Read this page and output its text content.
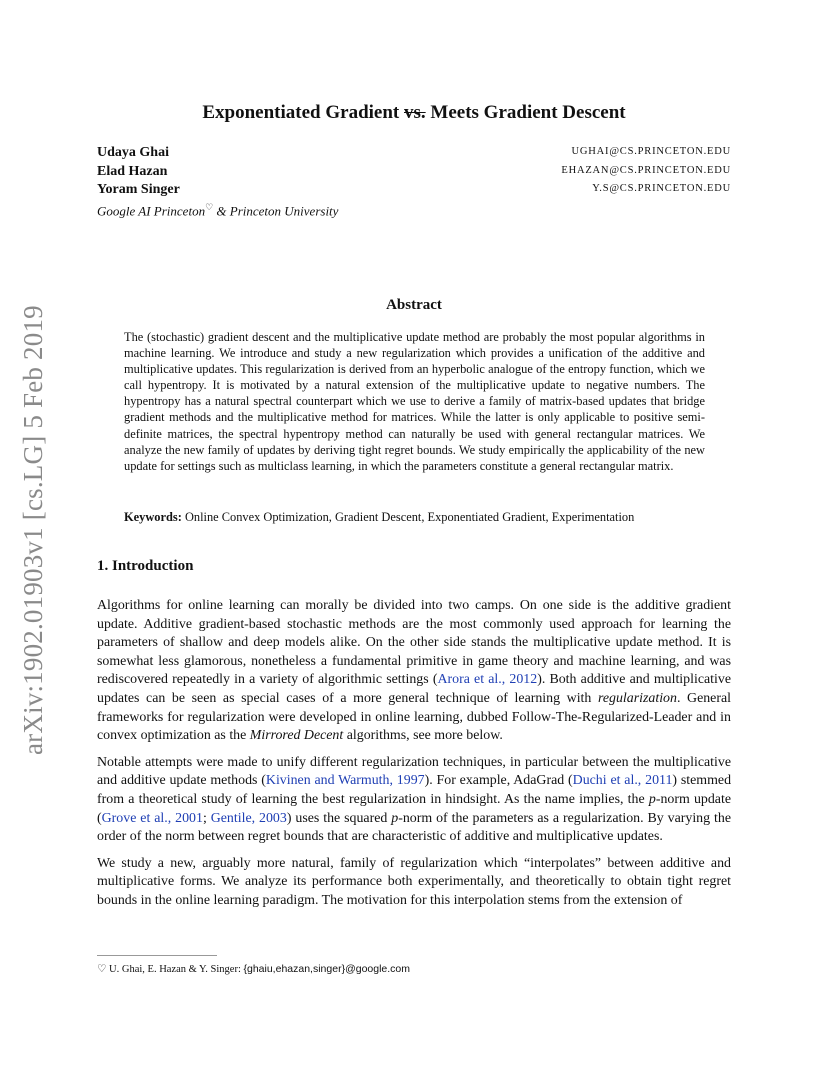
arXiv:1902.01903v1 [cs.LG] 5 Feb 2019
Exponentiated Gradient vs. Meets Gradient Descent
Udaya Ghai	UGHAI@CS.PRINCETON.EDU
Elad Hazan	EHAZAN@CS.PRINCETON.EDU
Yoram Singer	Y.S@CS.PRINCETON.EDU
Google AI Princeton♡ & Princeton University
Abstract
The (stochastic) gradient descent and the multiplicative update method are probably the most popular algorithms in machine learning. We introduce and study a new regularization which provides a unification of the additive and multiplicative updates. This regularization is derived from an hyperbolic analogue of the entropy function, which we call hypentropy. It is motivated by a natural extension of the multiplicative update to negative numbers. The hypentropy has a natural spectral counterpart which we use to derive a family of matrix-based updates that bridge gradient methods and the multiplicative method for matrices. While the latter is only applicable to positive semi-definite matrices, the spectral hypentropy method can naturally be used with general rectangular matrices. We analyze the new family of updates by deriving tight regret bounds. We study empirically the applicability of the new update for settings such as multiclass learning, in which the parameters constitute a general rectangular matrix.
Keywords: Online Convex Optimization, Gradient Descent, Exponentiated Gradient, Experimentation
1. Introduction

Algorithms for online learning can morally be divided into two camps. On one side is the additive gradient update. Additive gradient-based stochastic methods are the most commonly used approach for learning the parameters of shallow and deep models alike. On the other side stands the multiplicative update method. It is somewhat less glamorous, nonetheless a fundamental primitive in game theory and machine learning, and was rediscovered repeatedly in a variety of algorithmic settings (Arora et al., 2012). Both additive and multiplicative updates can be seen as special cases of a more general technique of learning with regularization. General frameworks for regularization were developed in online learning, dubbed Follow-The-Regularized-Leader and in convex optimization as the Mirrored Decent algorithms, see more below.

Notable attempts were made to unify different regularization techniques, in particular between the multiplicative and additive update methods (Kivinen and Warmuth, 1997). For example, AdaGrad (Duchi et al., 2011) stemmed from a theoretical study of learning the best regularization in hindsight. As the name implies, the p-norm update (Grove et al., 2001; Gentile, 2003) uses the squared p-norm of the parameters as a regularization. By varying the order of the norm between regret bounds that are characteristic of additive and multiplicative updates.

We study a new, arguably more natural, family of regularization which “interpolates” between additive and multiplicative forms. We analyze its performance both experimentally, and theoretically to obtain tight regret bounds in the online learning paradigm. The motivation for this interpolation stems from the extension of

♡ U. Ghai, E. Hazan & Y. Singer: {ghaiu,ehazan,singer}@google.com
